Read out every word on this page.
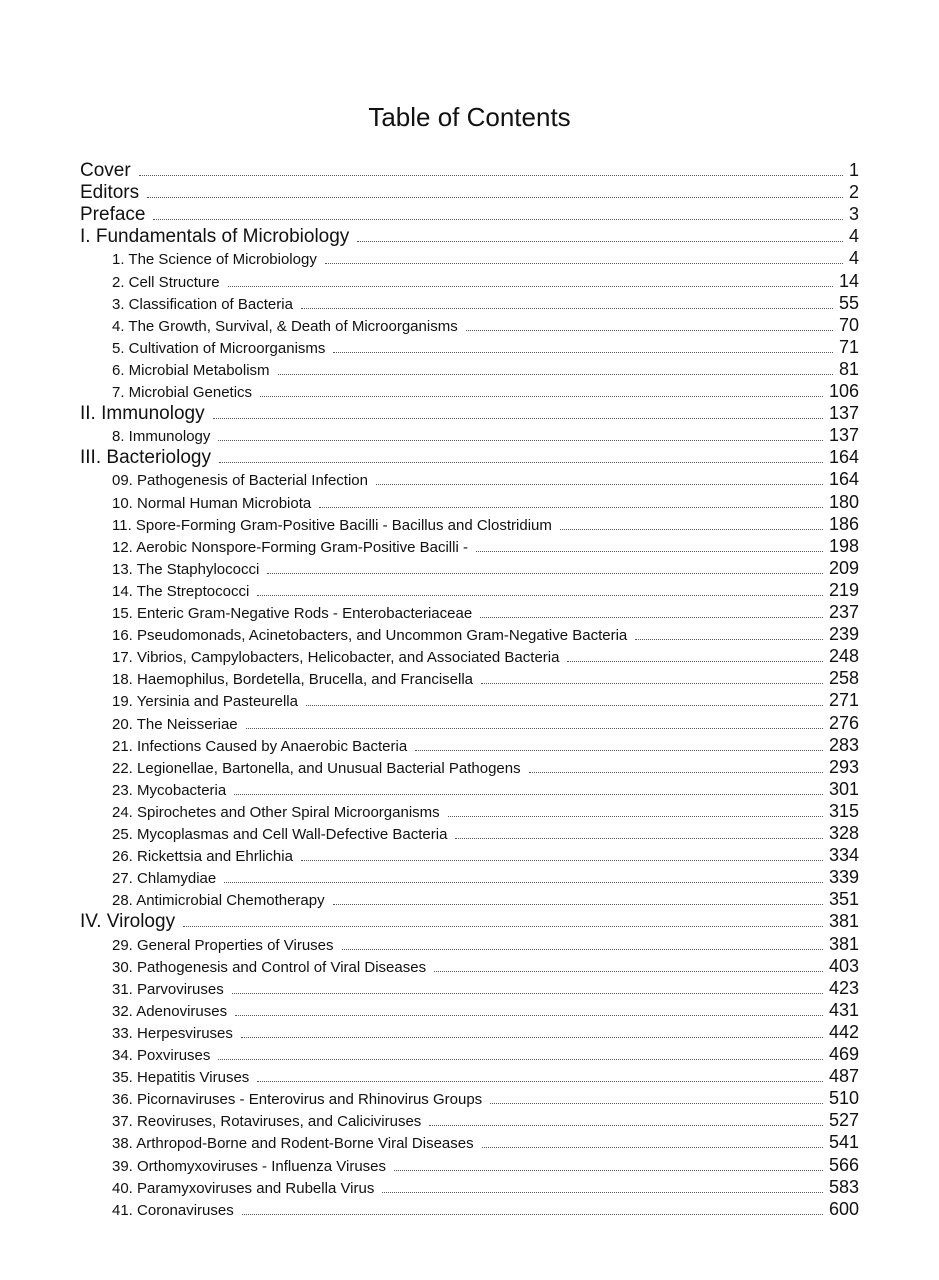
Table of Contents
Cover	1
Editors	2
Preface	3
I. Fundamentals of Microbiology	4
1. The Science of Microbiology	4
2. Cell Structure	14
3. Classification of Bacteria	55
4. The Growth, Survival, & Death of Microorganisms	70
5. Cultivation of Microorganisms	71
6. Microbial Metabolism	81
7. Microbial Genetics	106
II. Immunology	137
8. Immunology	137
III. Bacteriology	164
09. Pathogenesis of Bacterial Infection	164
10. Normal Human Microbiota	180
11. Spore-Forming Gram-Positive Bacilli - Bacillus and Clostridium	186
12. Aerobic Nonspore-Forming Gram-Positive Bacilli -	198
13. The Staphylococci	209
14. The Streptococci	219
15. Enteric Gram-Negative Rods - Enterobacteriaceae	237
16. Pseudomonads, Acinetobacters, and Uncommon Gram-Negative Bacteria	239
17. Vibrios, Campylobacters, Helicobacter, and Associated Bacteria	248
18. Haemophilus, Bordetella, Brucella, and Francisella	258
19. Yersinia and Pasteurella	271
20. The Neisseriae	276
21. Infections Caused by Anaerobic Bacteria	283
22. Legionellae, Bartonella, and Unusual Bacterial Pathogens	293
23. Mycobacteria	301
24. Spirochetes and Other Spiral Microorganisms	315
25. Mycoplasmas and Cell Wall-Defective Bacteria	328
26. Rickettsia and Ehrlichia	334
27. Chlamydiae	339
28. Antimicrobial Chemotherapy	351
IV. Virology	381
29. General Properties of Viruses	381
30. Pathogenesis and Control of Viral Diseases	403
31. Parvoviruses	423
32. Adenoviruses	431
33. Herpesviruses	442
34. Poxviruses	469
35. Hepatitis Viruses	487
36. Picornaviruses - Enterovirus and Rhinovirus Groups	510
37. Reoviruses, Rotaviruses, and Caliciviruses	527
38. Arthropod-Borne and Rodent-Borne Viral Diseases	541
39. Orthomyxoviruses - Influenza Viruses	566
40. Paramyxoviruses and Rubella Virus	583
41. Coronaviruses	600
